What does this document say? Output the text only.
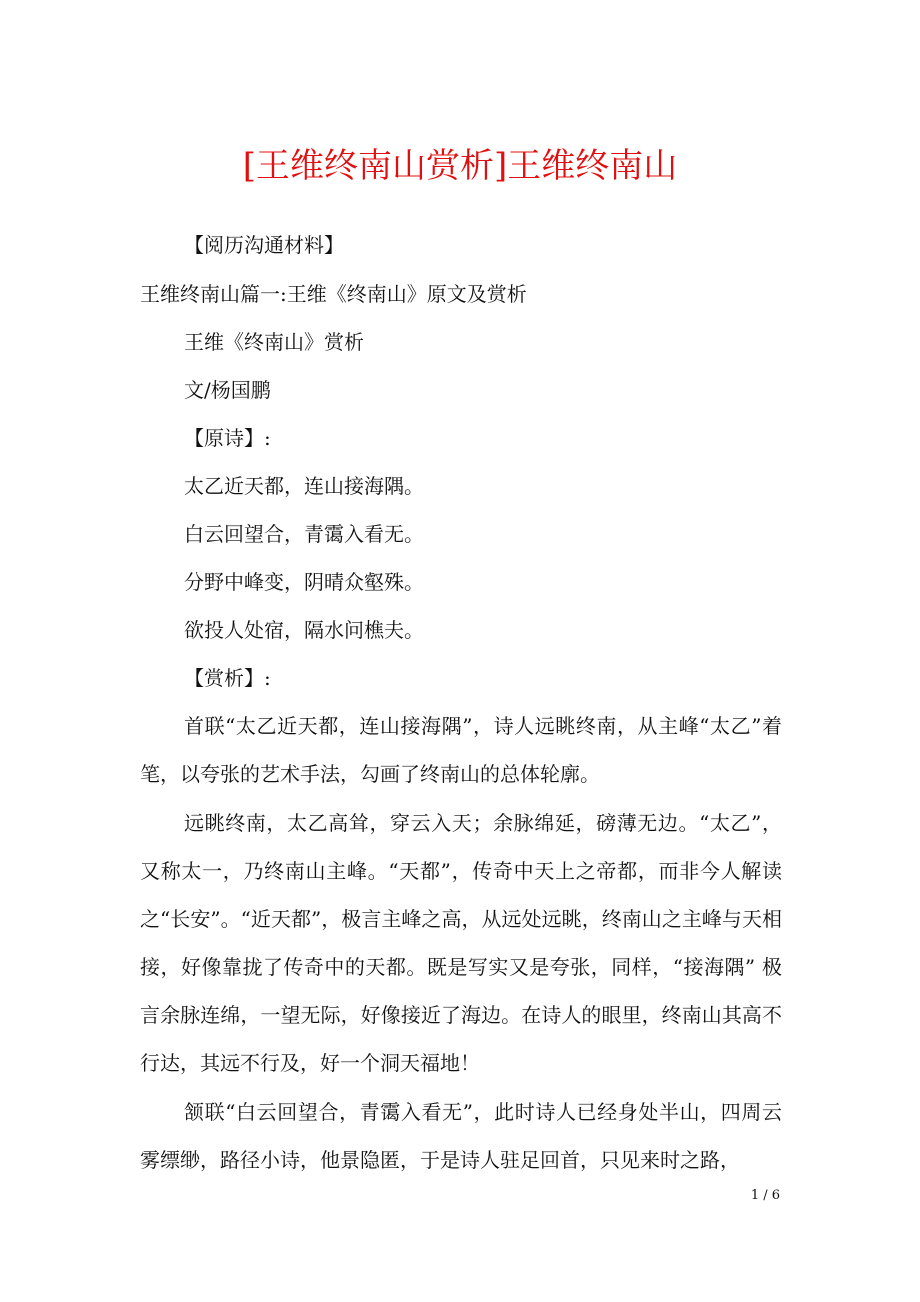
[王维终南山赏析]王维终南山
【阅历沟通材料】
王维终南山篇一:王维《终南山》原文及赏析
王维《终南山》赏析
文/杨国鹏
【原诗】:
太乙近天都，连山接海隅。
白云回望合，青霭入看无。
分野中峰变，阴晴众壑殊。
欲投人处宿，隔水问樵夫。
【赏析】:
首联“太乙近天都，连山接海隅”，诗人远眺终南，从主峰“太乙”着笔，以夸张的艺术手法，勾画了终南山的总体轮廓。
远眺终南，太乙高耸，穿云入天；余脉绵延，磅薄无边。“太乙”，又称太一，乃终南山主峰。“天都”，传奇中天上之帝都，而非今人解读之“长安”。“近天都”，极言主峰之高，从远处远眺，终南山之主峰与天相接，好像靠拢了传奇中的天都。既是写实又是夸张，同样，“接海隅” 极言余脉连绵，一望无际，好像接近了海边。在诗人的眼里，终南山其高不行达，其远不行及，好一个洞天福地！
颔联“白云回望合，青霭入看无”，此时诗人已经身处半山，四周云雾缥缈，路径小诗，他景隐匿，于是诗人驻足回首，只见来时之路，
1 / 6
